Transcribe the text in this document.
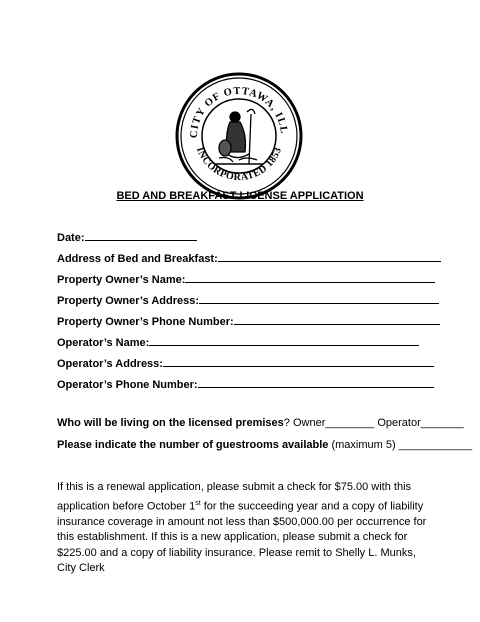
CITY OF OTTAWA, ILL
INCORPORATED 1853
BED AND BREAKFAST LICENSE APPLICATION
Date:
Address of Bed and Breakfast:
Property Owner’s Name:
Property Owner’s Address:
Property Owner’s Phone Number:
Operator’s Name:
Operator’s Address:
Operator’s Phone Number:
Who will be living on the licensed premises? Owner________ Operator_______
Please indicate the number of guestrooms available (maximum 5) ____________
If this is a renewal application, please submit a check for $75.00 with this application before October 1st for the succeeding year and a copy of liability insurance coverage in amount not less than $500,000.00 per occurrence for this establishment. If this is a new application, please submit a check for $225.00 and a copy of liability insurance. Please remit to Shelly L. Munks, City Clerk
